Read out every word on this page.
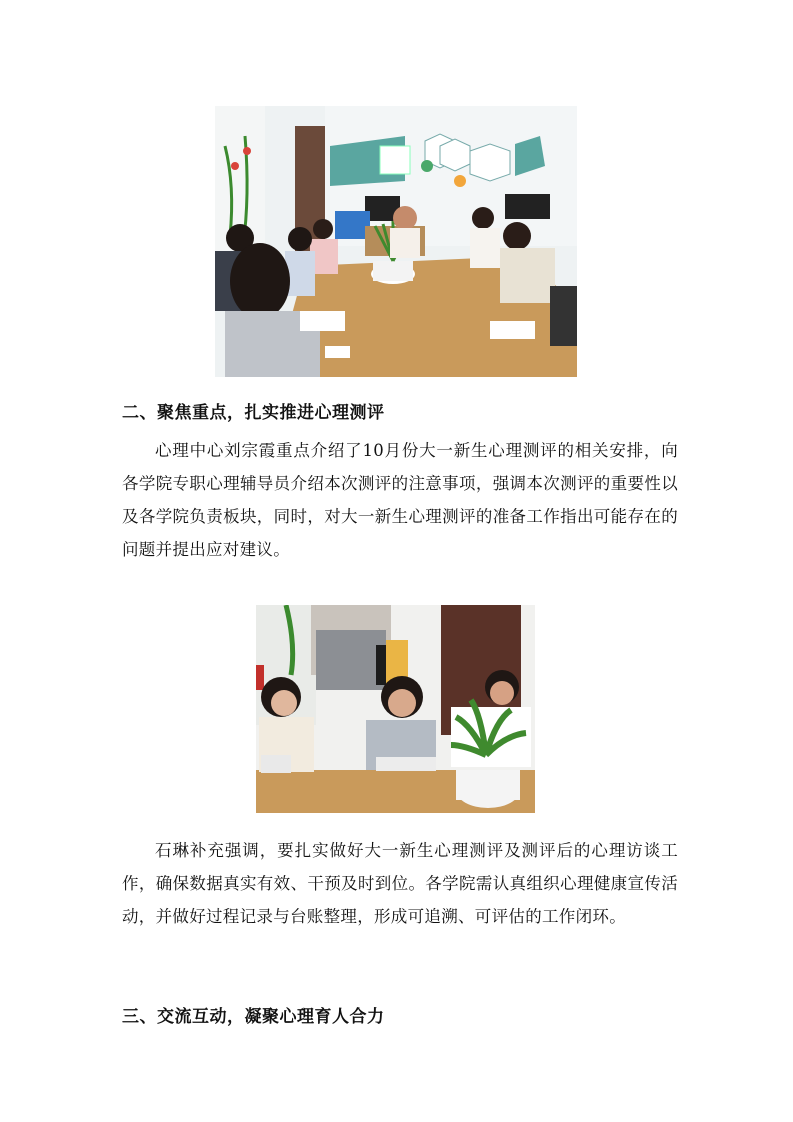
二、聚焦重点，扎实推进心理测评

心理中心刘宗霞重点介绍了10月份大一新生心理测评的相关安排，向各学院专职心理辅导员介绍本次测评的注意事项，强调本次测评的重要性以及各学院负责板块，同时，对大一新生心理测评的准备工作指出可能存在的问题并提出应对建议。

石琳补充强调，要扎实做好大一新生心理测评及测评后的心理访谈工作，确保数据真实有效、干预及时到位。各学院需认真组织心理健康宣传活动，并做好过程记录与台账整理，形成可追溯、可评估的工作闭环。

三、交流互动，凝聚心理育人合力
